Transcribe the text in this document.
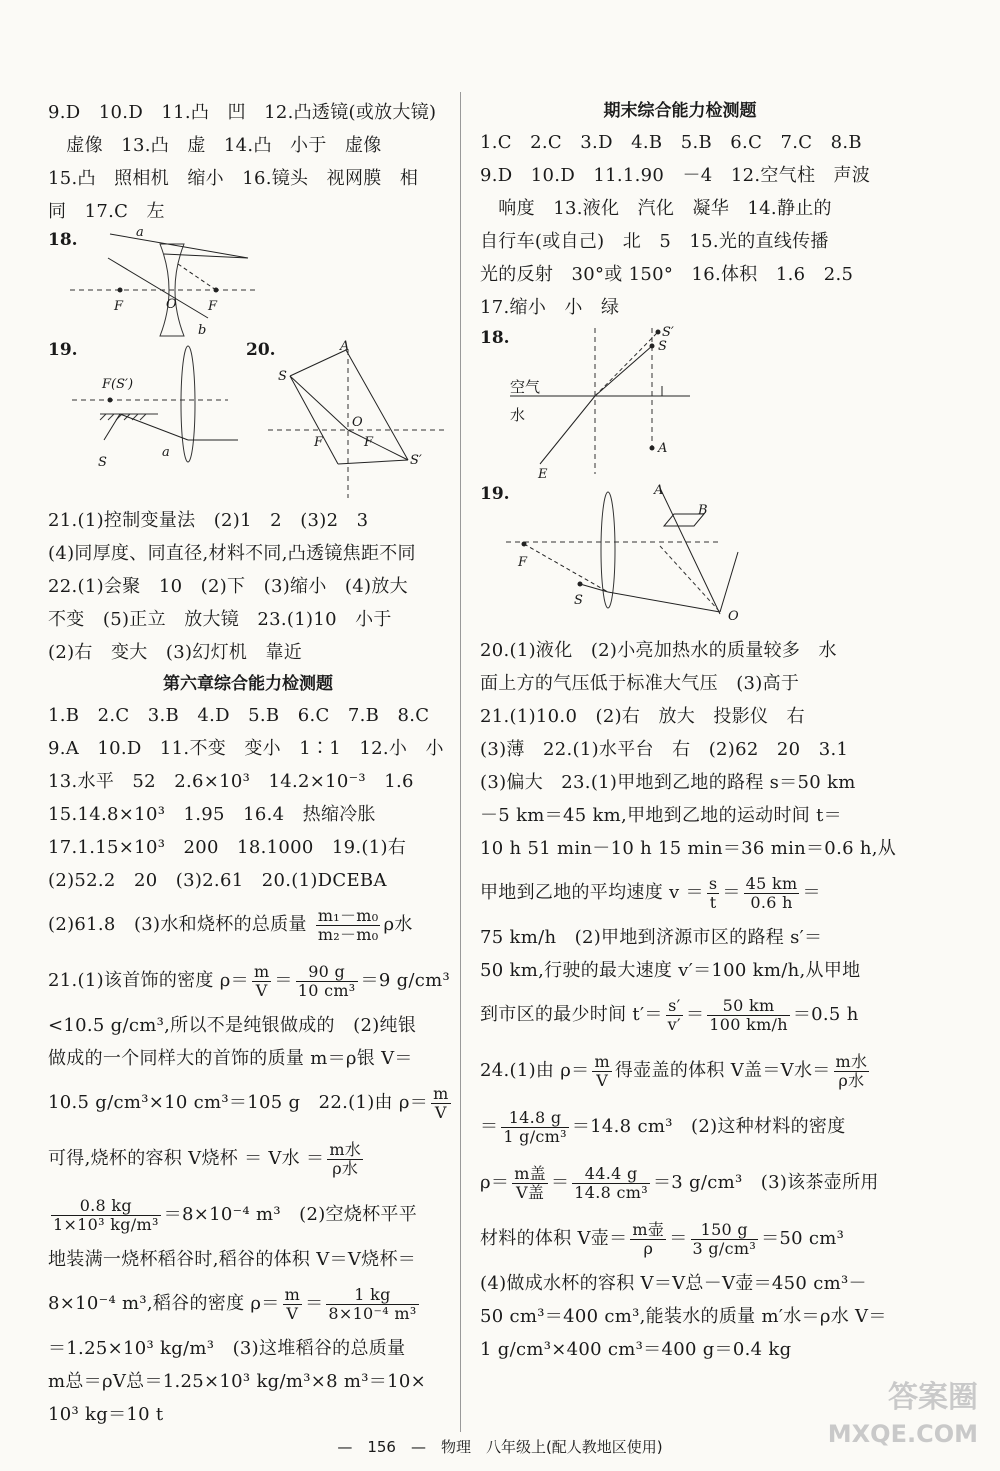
9.D　10.D　11.凸　凹　12.凸透镜(或放大镜)
　虚像　13.凸　虚　14.凸　小于　虚像
15.凸　照相机　缩小　16.镜头　视网膜　相
同　17.C　左
18.	a
F	O F
b
19.	20.
F(S′)
S
a
A
S
O
F	F
S′
21.(1)控制变量法　(2)1　2　(3)2　3
(4)同厚度、同直径,材料不同,凸透镜焦距不同
22.(1)会聚　10　(2)下　(3)缩小　(4)放大
不变　(5)正立　放大镜　23.(1)10　小于
(2)右　变大　(3)幻灯机　靠近
第六章综合能力检测题
1.B　2.C　3.B　4.D　5.B　6.C　7.B　8.C
9.A　10.D　11.不变　变小　1∶1　12.小　小
13.水平　52　2.6×10³　14.2×10⁻³　1.6
15.14.8×10³　1.95　16.4　热缩冷胀
17.1.15×10³　200　18.1000　19.(1)右
(2)52.2　20　(3)2.61　20.(1)DCEBA
(2)61.8　(3)水和烧杯的总质量 $\frac{\text{m₁－m₀}}{\text{m₂－m₀}}$ ρ水
21.(1)该首饰的密度 $\rho= \frac{m}{V} = \frac{90 g}{\text{10 cm³}} =9$ g/cm³
<10.5 g/cm³,所以不是纯银做成的　(2)纯银
做成的一个同样大的首饰的质量 m＝ρ银 V＝
10.5 g/cm³×10 cm³＝105 g　22.(1)由 $\rho= \frac{m}{V}$
可得,烧杯的容积 V烧杯 ＝ V水 ＝ $\frac{\text{m水}}{\text{ρ水}}$
$\frac{0.8 kg}{\text{1×10³ kg/m³}} =8\times 10^{-4}$ m³　(2)空烧杯平平
地装满一烧杯稻谷时,稻谷的体积 V＝V烧杯＝
8×10⁻⁴ m³,稻谷的密度 $\rho= \frac{m}{V} = \frac{1 kg}{\text{8×10⁻⁴ m³}}$
＝1.25×10³ kg/m³　(3)这堆稻谷的总质量
m总＝ρV总＝1.25×10³ kg/m³×8 m³＝10×
10³ kg＝10 t
期末综合能力检测题
1.C　2.C　3.D　4.B　5.B　6.C　7.C　8.B
9.D　10.D　11.1.90　－4　12.空气柱　声波
　响度　13.液化　汽化　凝华　14.静止的
自行车(或自己)　北　5　15.光的直线传播
光的反射　30°或 150°　16.体积　1.6　2.5
17.缩小　小　绿
18.
空气
水
S′
S
A
E
19.	A
B
F
S
O
20.(1)液化　(2)小亮加热水的质量较多　水
面上方的气压低于标准大气压　(3)高于
21.(1)10.0　(2)右　放大　投影仪　右
(3)薄　22.(1)水平台　右　(2)62　20　3.1
(3)偏大　23.(1)甲地到乙地的路程 s＝50 km
－5 km＝45 km,甲地到乙地的运动时间 t＝
10 h 51 min－10 h 15 min＝36 min＝0.6 h,从
甲地到乙地的平均速度 $v = \frac{s}{t} = \frac{45 km}{0.6 h}$ ＝
75 km/h　(2)甲地到济源市区的路程 s′＝
50 km,行驶的最大速度 v′＝100 km/h,从甲地
到市区的最少时间 $t'= \frac{s'}{v'} = \frac{50 km}{100 km/h} =0.5$ h
24.(1)由 $\rho= \frac{m}{V}$ 得壶盖的体积 V盖＝V水＝ $\frac{\text{m水}}{\text{ρ水}}$
＝ $\frac{14.8 g}{\text{1 g/cm³}} =14.8$ cm³　(2)这种材料的密度
$\rho= \frac{\text{m盖}}{\text{V盖}} = \frac{44.4 g}{\text{14.8 cm³}} =3$ g/cm³　(3)该茶壶所用
材料的体积 V壶＝ $\frac{\text{m壶}}{\rho} = \frac{150 g}{\text{3 g/cm³}} =50$ cm³
(4)做成水杯的容积 V＝V总－V壶＝450 cm³－
50 cm³＝400 cm³,能装水的质量 m′水＝ρ水 V＝
1 g/cm³×400 cm³＝400 g＝0.4 kg
—　156　—　物理　八年级上(配人教地区使用)
答案圈
MXQE.COM
